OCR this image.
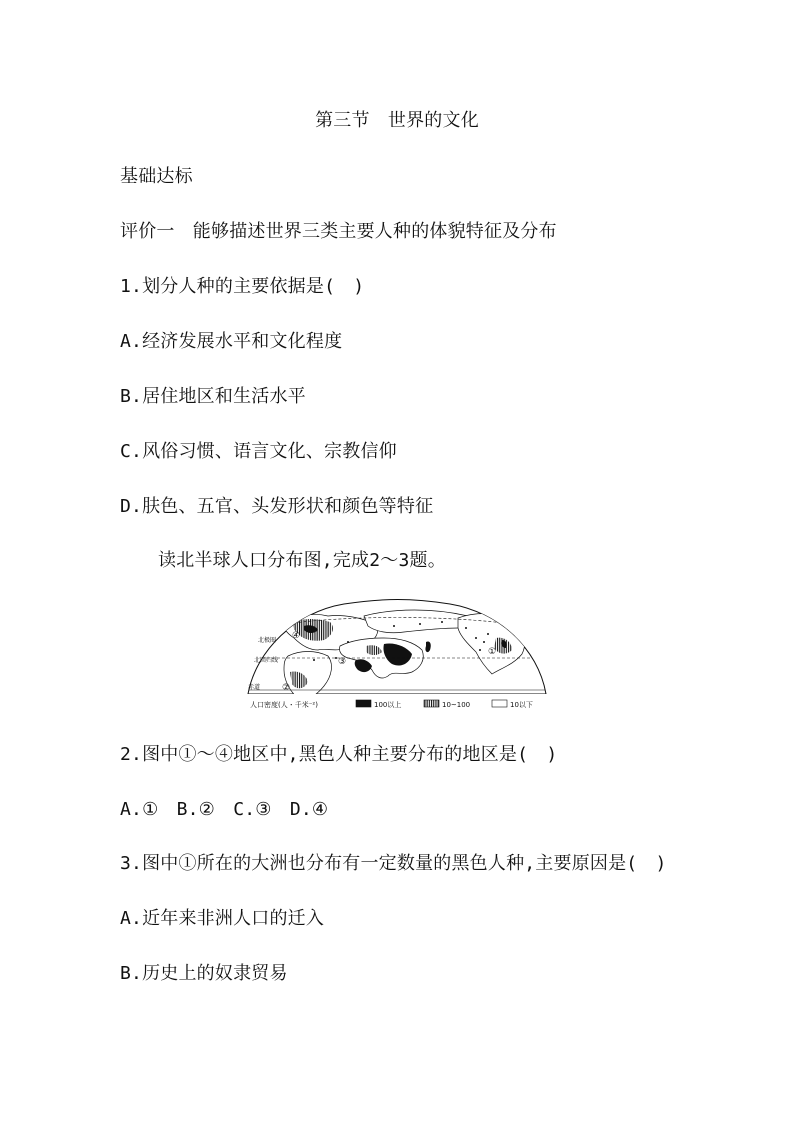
第三节　世界的文化
基础达标
评价一　能够描述世界三类主要人种的体貌特征及分布
1.划分人种的主要依据是(　)
A.经济发展水平和文化程度
B.居住地区和生活水平
C.风俗习惯、语言文化、宗教信仰
D.肤色、五官、头发形状和颜色等特征
读北半球人口分布图,完成2～3题。
北极圈
北回归线
赤道
④
③
②
①
人口密度(人・千米⁻²)	100以上	10~100	10以下
2.图中①～④地区中,黑色人种主要分布的地区是(　)
A.①　B.②　C.③　D.④
3.图中①所在的大洲也分布有一定数量的黑色人种,主要原因是(　)
A.近年来非洲人口的迁入
B.历史上的奴隶贸易
